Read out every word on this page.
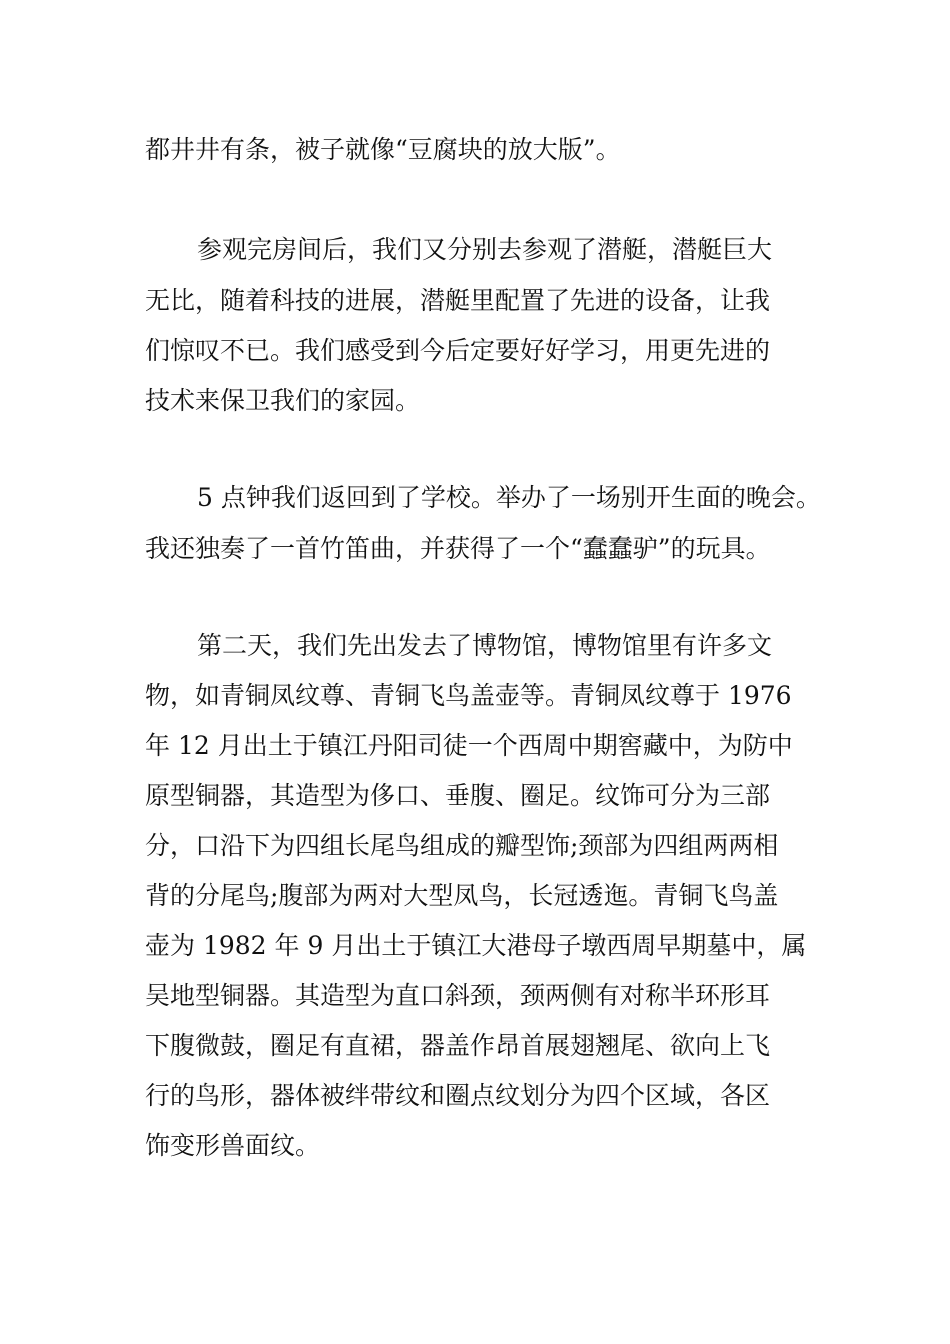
都井井有条，被子就像“豆腐块的放大版”。

参观完房间后，我们又分别去参观了潜艇，潜艇巨大

无比，随着科技的进展，潜艇里配置了先进的设备，让我

们惊叹不已。我们感受到今后定要好好学习，用更先进的

技术来保卫我们的家园。

5 点钟我们返回到了学校。举办了一场别开生面的晚会。

我还独奏了一首竹笛曲，并获得了一个“蠢蠢驴”的玩具。

第二天，我们先出发去了博物馆，博物馆里有许多文

物，如青铜凤纹尊、青铜飞鸟盖壶等。青铜凤纹尊于 1976

年 12 月出土于镇江丹阳司徒一个西周中期窖藏中，为防中

原型铜器，其造型为侈口、垂腹、圈足。纹饰可分为三部

分，口沿下为四组长尾鸟组成的瓣型饰;颈部为四组两两相

背的分尾鸟;腹部为两对大型凤鸟，长冠透迤。青铜飞鸟盖

壶为 1982 年 9 月出土于镇江大港母子墩西周早期墓中，属

吴地型铜器。其造型为直口斜颈，颈两侧有对称半环形耳

下腹微鼓，圈足有直裙，器盖作昂首展翅翘尾、欲向上飞

行的鸟形，器体被绊带纹和圈点纹划分为四个区域，各区

饰变形兽面纹。
